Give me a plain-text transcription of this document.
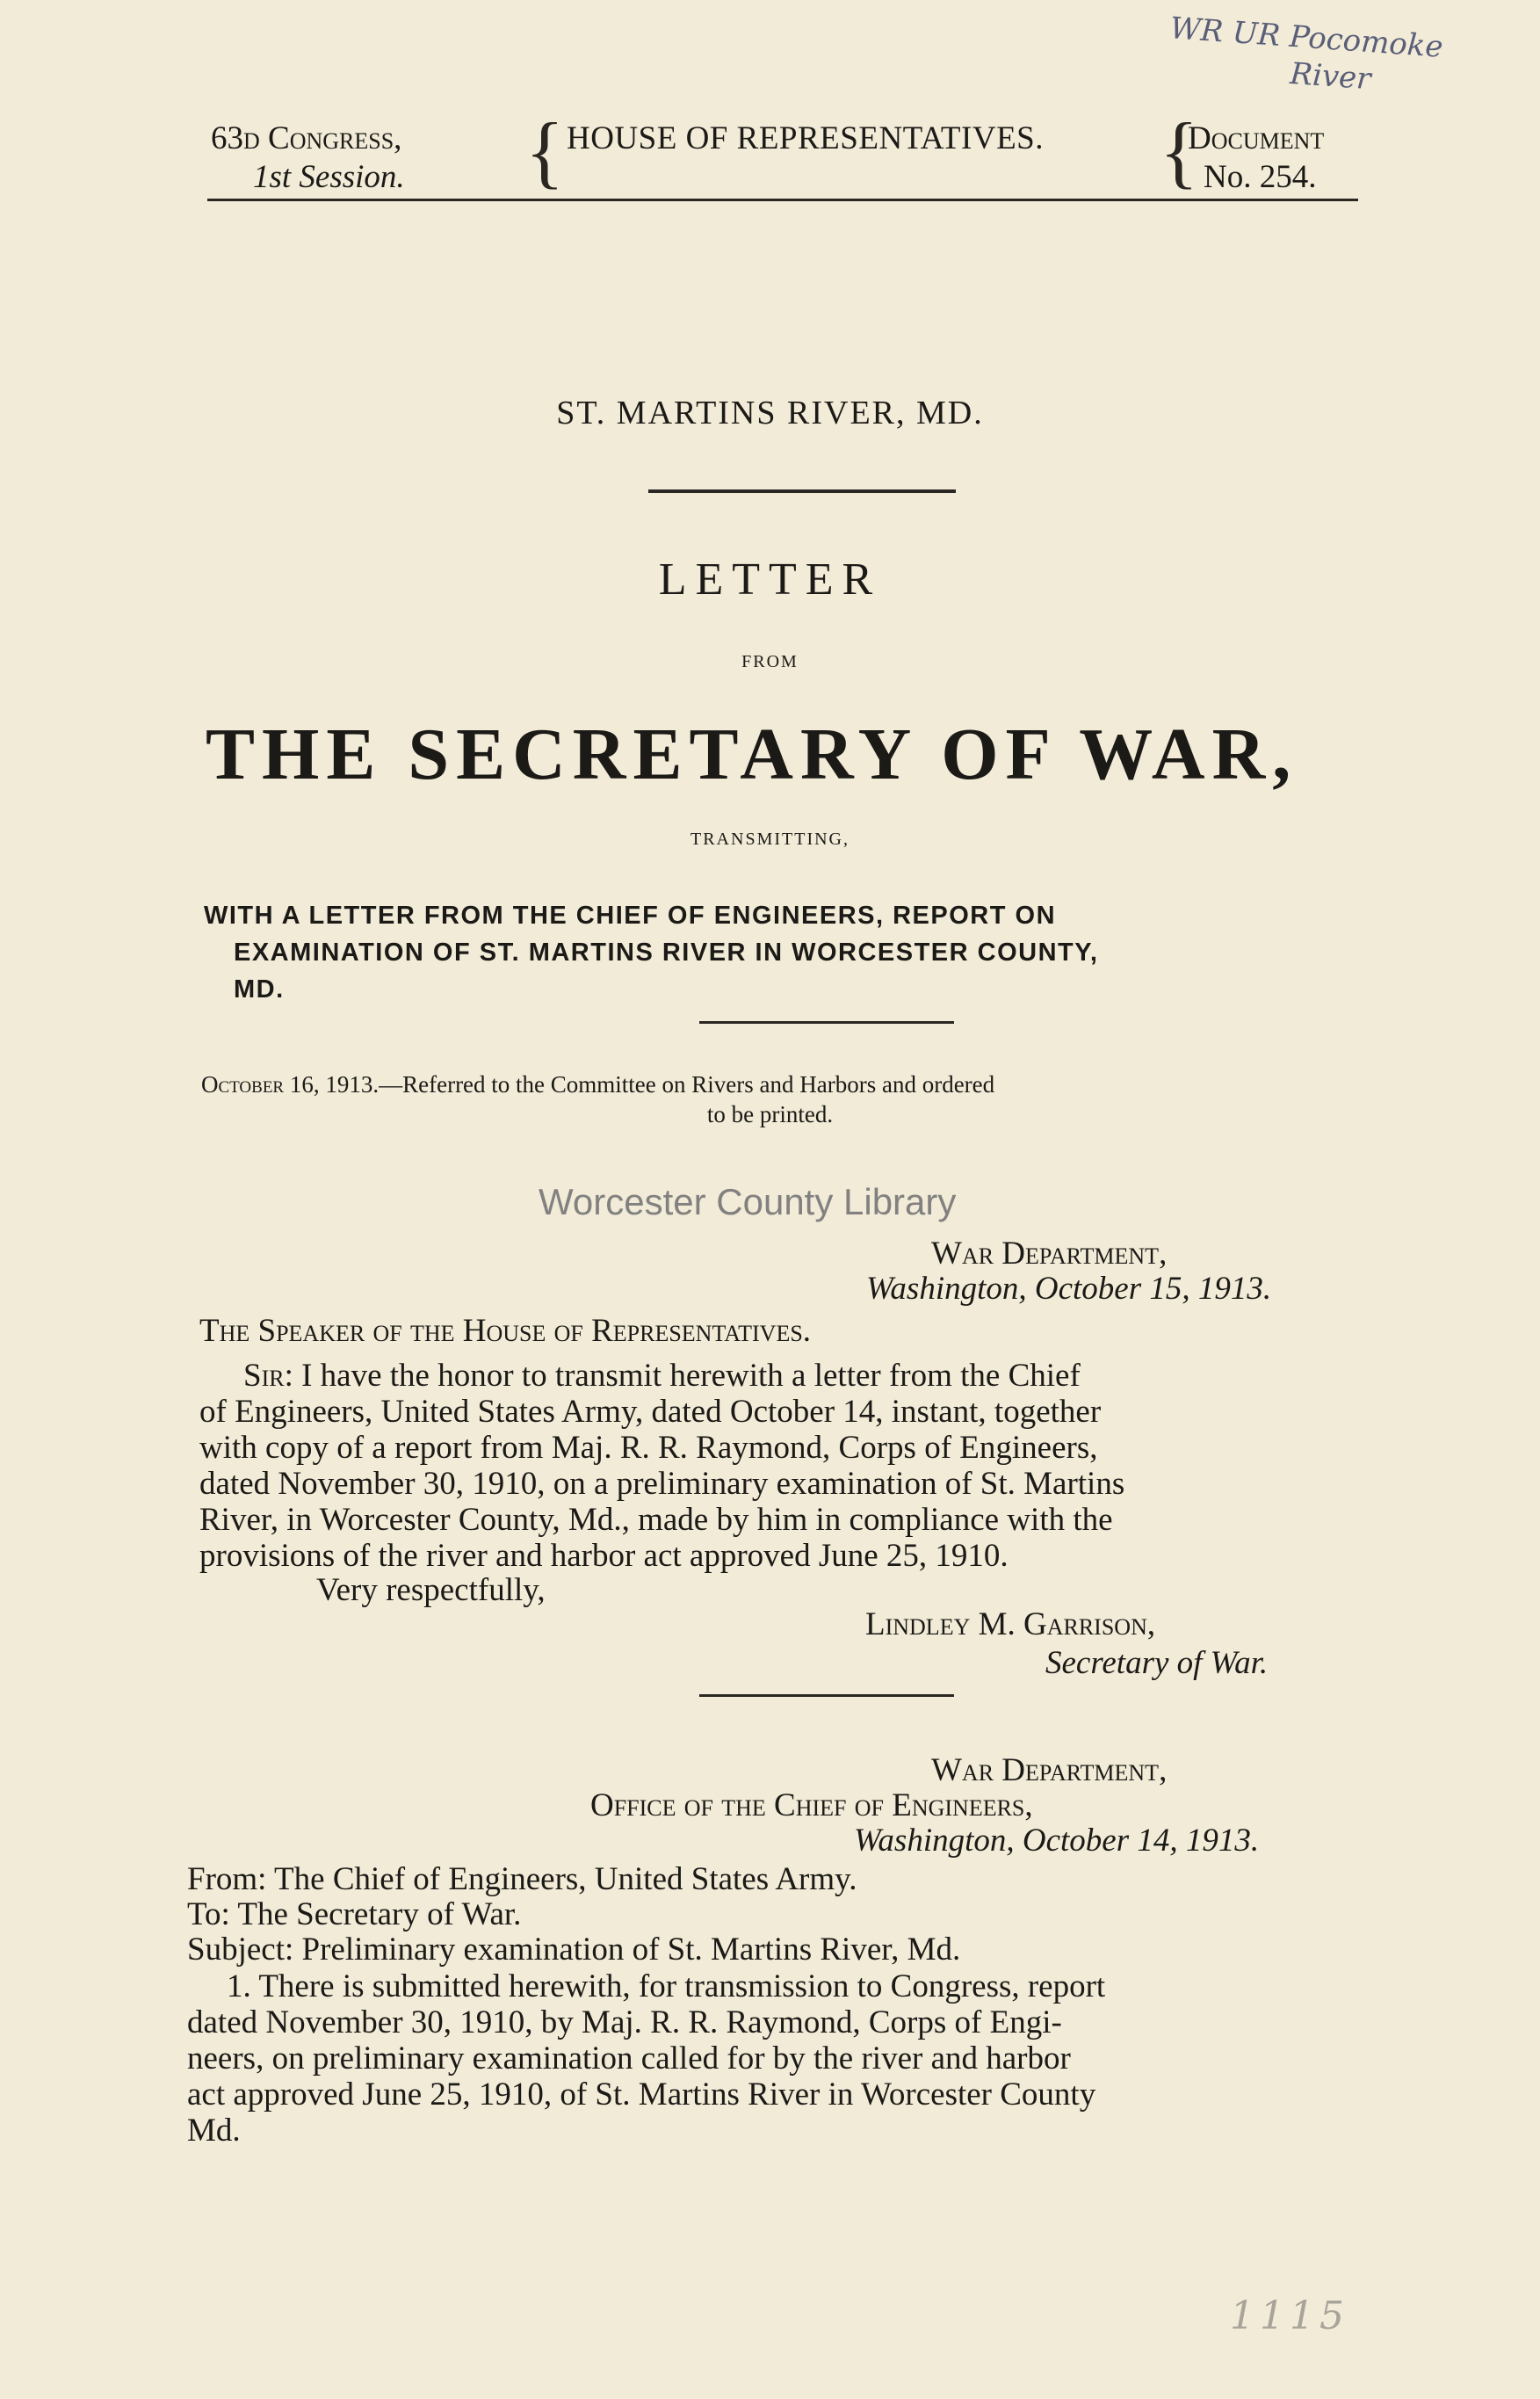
WR UR Pocomoke
River
63d Congress,
1st Session. { HOUSE OF REPRESENTATIVES. {
Document
No. 254.
ST. MARTINS RIVER, MD.
LETTER
FROM
THE SECRETARY OF WAR,
TRANSMITTING,
WITH A LETTER FROM THE CHIEF OF ENGINEERS, REPORT ON
EXAMINATION OF ST. MARTINS RIVER IN WORCESTER COUNTY,
MD.
October 16, 1913.—Referred to the Committee on Rivers and Harbors and ordered
to be printed.
Worcester County Library
War Department,
Washington, October 15, 1913.
The Speaker of the House of Representatives.
Sir: I have the honor to transmit herewith a letter from the Chief
of Engineers, United States Army, dated October 14, instant, together
with copy of a report from Maj. R. R. Raymond, Corps of Engineers,
dated November 30, 1910, on a preliminary examination of St. Martins
River, in Worcester County, Md., made by him in compliance with the
provisions of the river and harbor act approved June 25, 1910.
Very respectfully,
Lindley M. Garrison,
Secretary of War.
War Department,
Office of the Chief of Engineers,
Washington, October 14, 1913.
From: The Chief of Engineers, United States Army.
To: The Secretary of War.
Subject: Preliminary examination of St. Martins River, Md.
1. There is submitted herewith, for transmission to Congress, report
dated November 30, 1910, by Maj. R. R. Raymond, Corps of Engi-
neers, on preliminary examination called for by the river and harbor
act approved June 25, 1910, of St. Martins River in Worcester County
Md.
1115
